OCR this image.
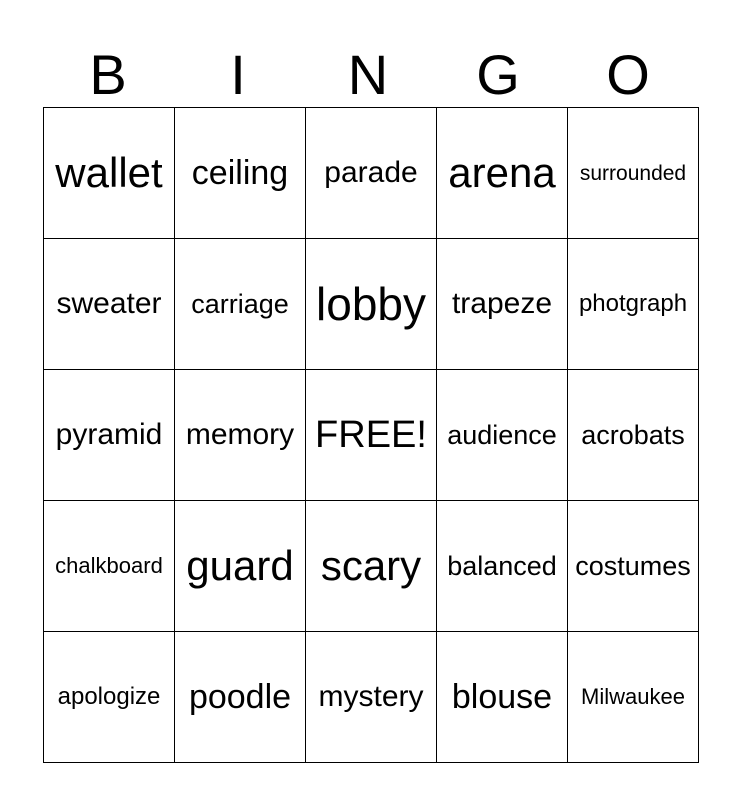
B	I	N	G	O
wallet	ceiling	parade	arena	surrounded
sweater	carriage	lobby	trapeze	photgraph
pyramid	memory	FREE!	audience	acrobats
chalkboard	guard	scary	balanced	costumes
apologize	poodle	mystery	blouse	Milwaukee
